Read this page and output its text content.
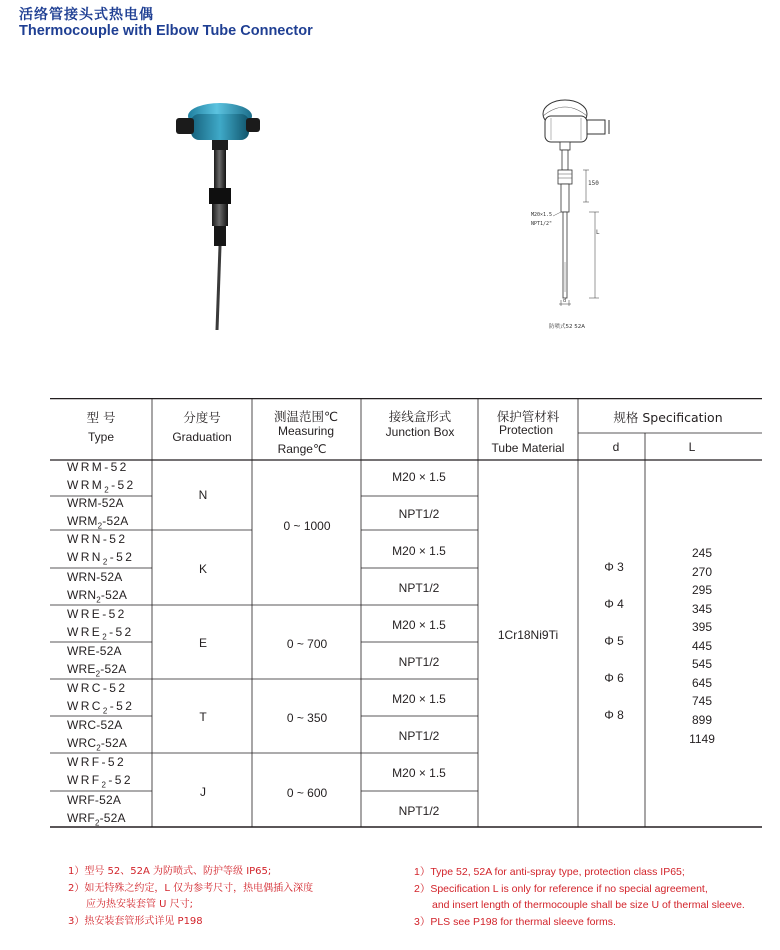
活络管接头式热电偶
Thermocouple with Elbow Tube Connector
150
L
M20×1.5
NPT1/2"
d
防喷式52 52A
型 号
Type
分度号
Graduation
测温范围℃
Measuring
Range℃
接线盒形式
Junction Box
保护管材料
Protection
Tube Material
规格 Specification
d	L
WRM-52
$WRM_2-52$
WRM-52A
$WRM_2-52A$
WRN-52
$WRN_2-52$
WRN-52A
$WRN_2-52A$
WRE-52
$WRE_2-52$
WRE-52A
$WRE_2-52A$
WRC-52
$WRC_2-52$
WRC-52A
$WRC_2-52A$
WRF-52
$WRF_2-52$
WRF-52A
$WRF_2-52A$
N
K
E
T
J
0 ~ 1000
0 ~ 700
0 ~ 350
0 ~ 600
M20 × 1.5
NPT1/2
M20 × 1.5
NPT1/2
M20 × 1.5
NPT1/2
M20 × 1.5
NPT1/2
M20 × 1.5
NPT1/2
1Cr18Ni9Ti
Φ 3
Φ 4
Φ 5
Φ 6
Φ 8
245
270
295
345
395
445
545
645
745
899
1149
1）型号 52、52A 为防喷式、防护等级 IP65;
2）如无特殊之约定，L 仅为参考尺寸，热电偶插入深度
应为热安装套管 U 尺寸;
3）热安装套管形式详见 P198
1）Type 52, 52A for anti-spray type, protection class IP65;
2）Specification L is only for reference if no special agreement,
and insert length of thermocouple shall be size U of thermal sleeve.
3）PLS see P198 for thermal sleeve forms.
